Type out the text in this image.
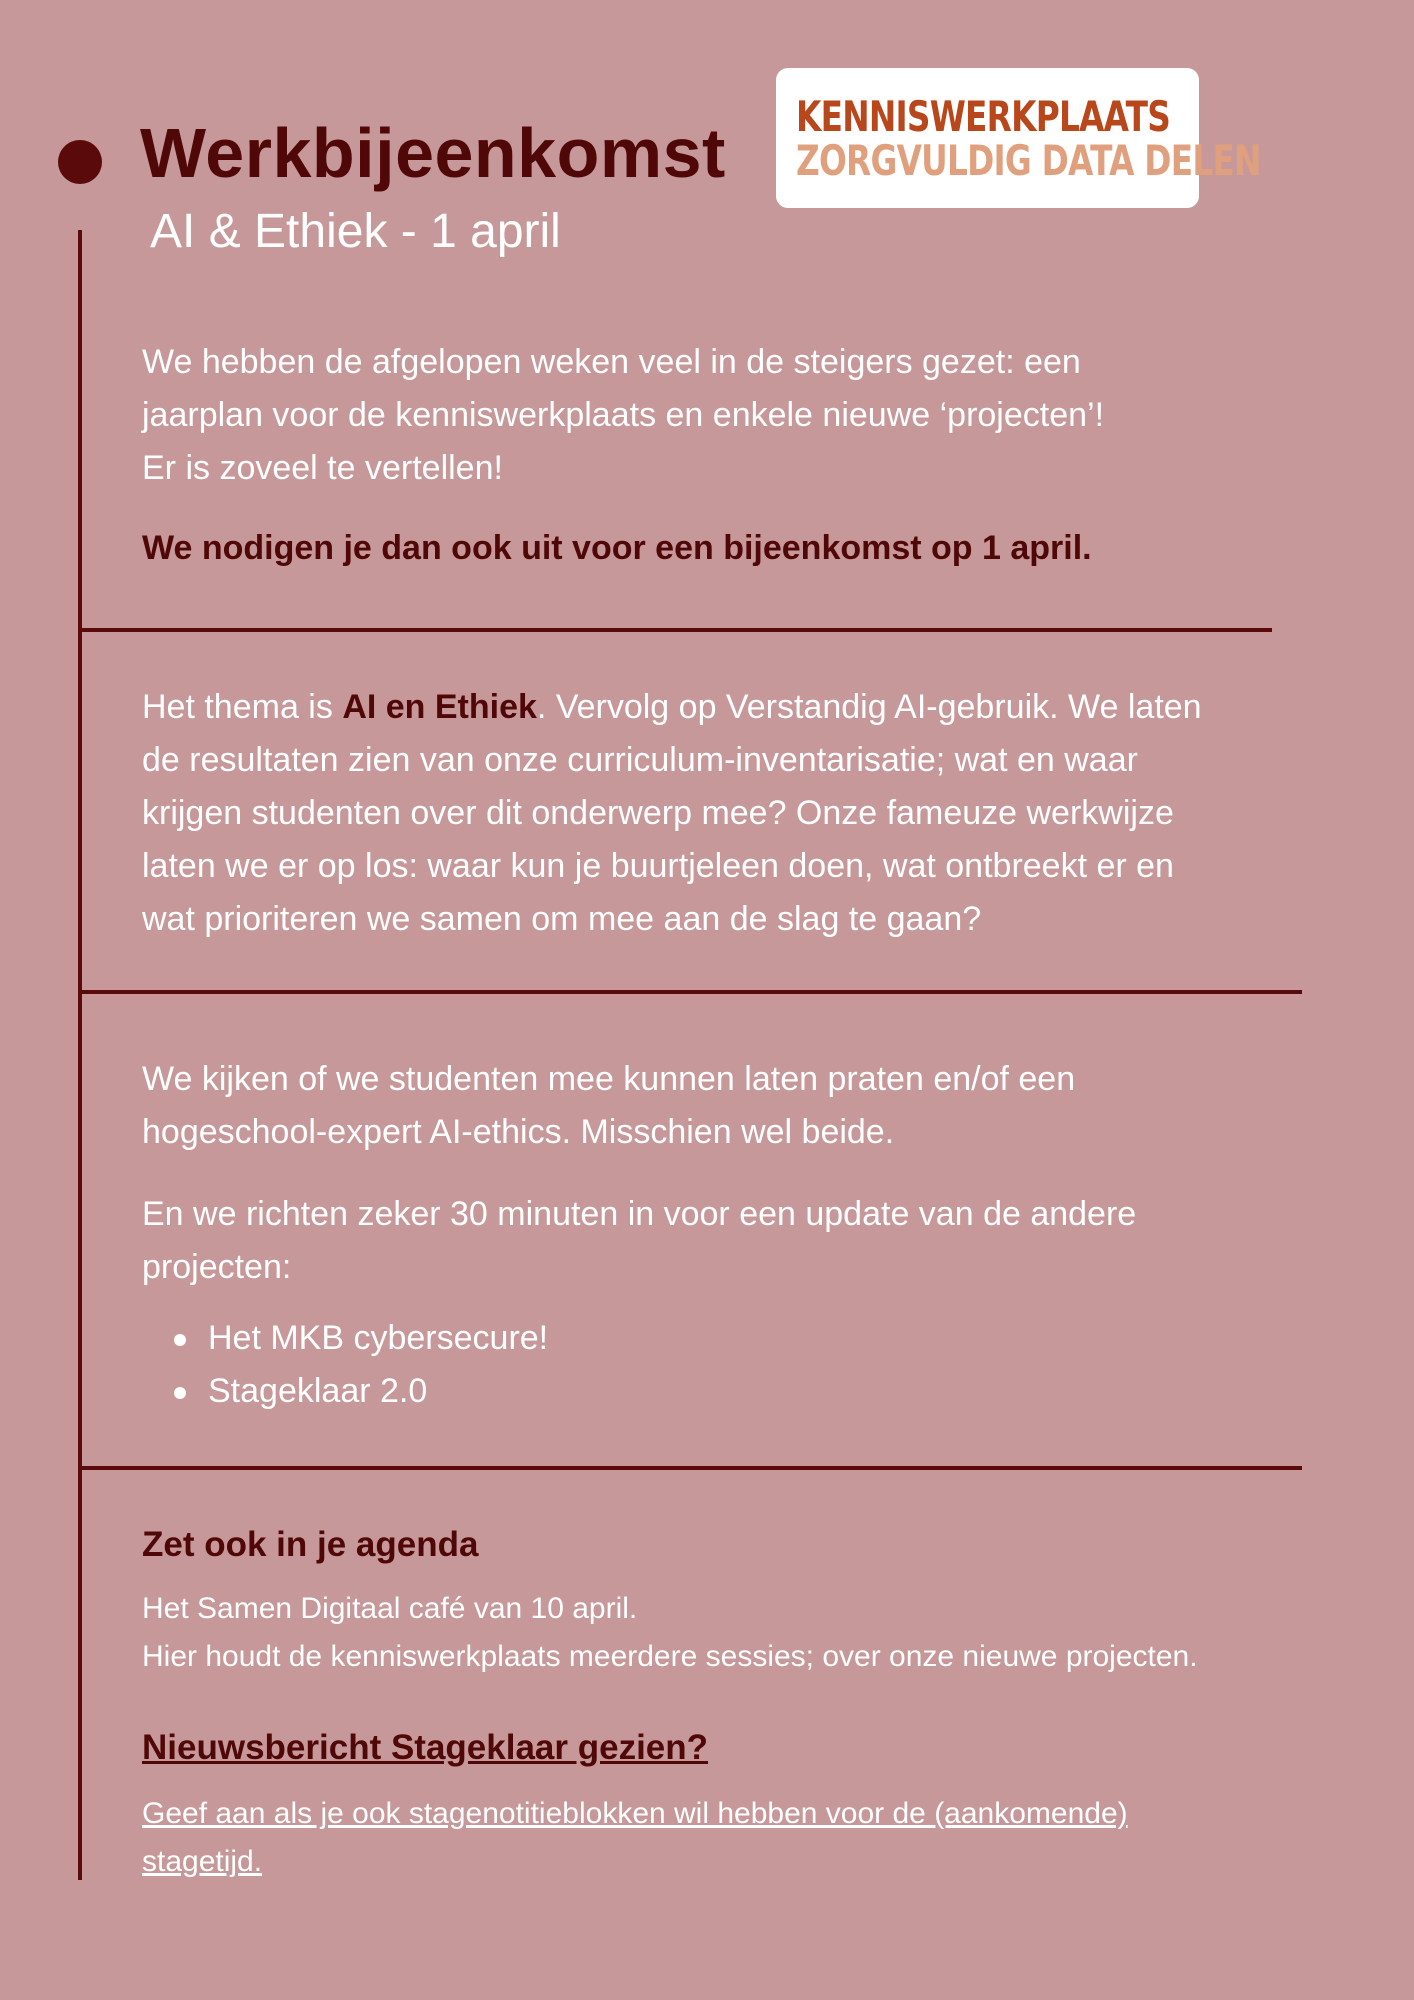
Werkbijeenkomst
AI & Ethiek - 1 april
KENNISWERKPLAATS
ZORGVULDIG DATA DELEN
We hebben de afgelopen weken veel in de steigers gezet: een
jaarplan voor de kenniswerkplaats en enkele nieuwe ‘projecten’!
Er is zoveel te vertellen!
We nodigen je dan ook uit voor een bijeenkomst op 1 april.
Het thema is AI en Ethiek. Vervolg op Verstandig AI-gebruik. We laten
de resultaten zien van onze curriculum-inventarisatie; wat en waar
krijgen studenten over dit onderwerp mee? Onze fameuze werkwijze
laten we er op los: waar kun je buurtjeleen doen, wat ontbreekt er en
wat prioriteren we samen om mee aan de slag te gaan?
We kijken of we studenten mee kunnen laten praten en/of een
hogeschool-expert AI-ethics. Misschien wel beide.
En we richten zeker 30 minuten in voor een update van de andere
projecten:
Het MKB cybersecure!
Stageklaar 2.0
Zet ook in je agenda
Het Samen Digitaal café van 10 april.
Hier houdt de kenniswerkplaats meerdere sessies; over onze nieuwe projecten.
Nieuwsbericht Stageklaar gezien?
Geef aan als je ook stagenotitieblokken wil hebben voor de (aankomende)
stagetijd.
